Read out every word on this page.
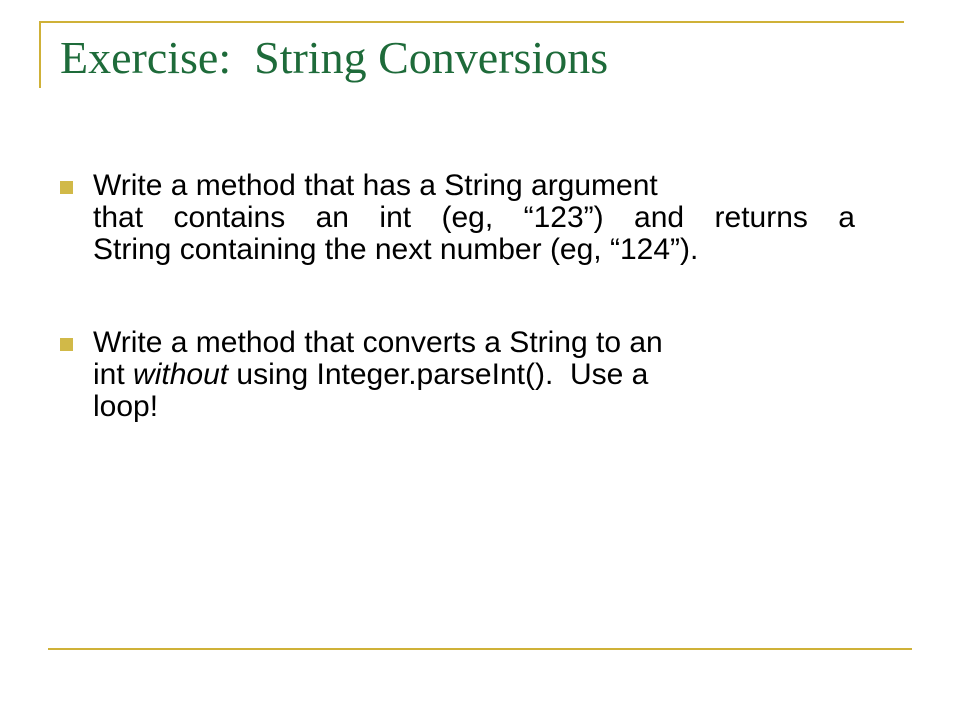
Exercise:  String Conversions
Write a method that has a String argument
that contains an int (eg, “123”) and returns a
String containing the next number (eg, “124”).
Write a method that converts a String to an
int without using Integer.parseInt().  Use a
loop!
